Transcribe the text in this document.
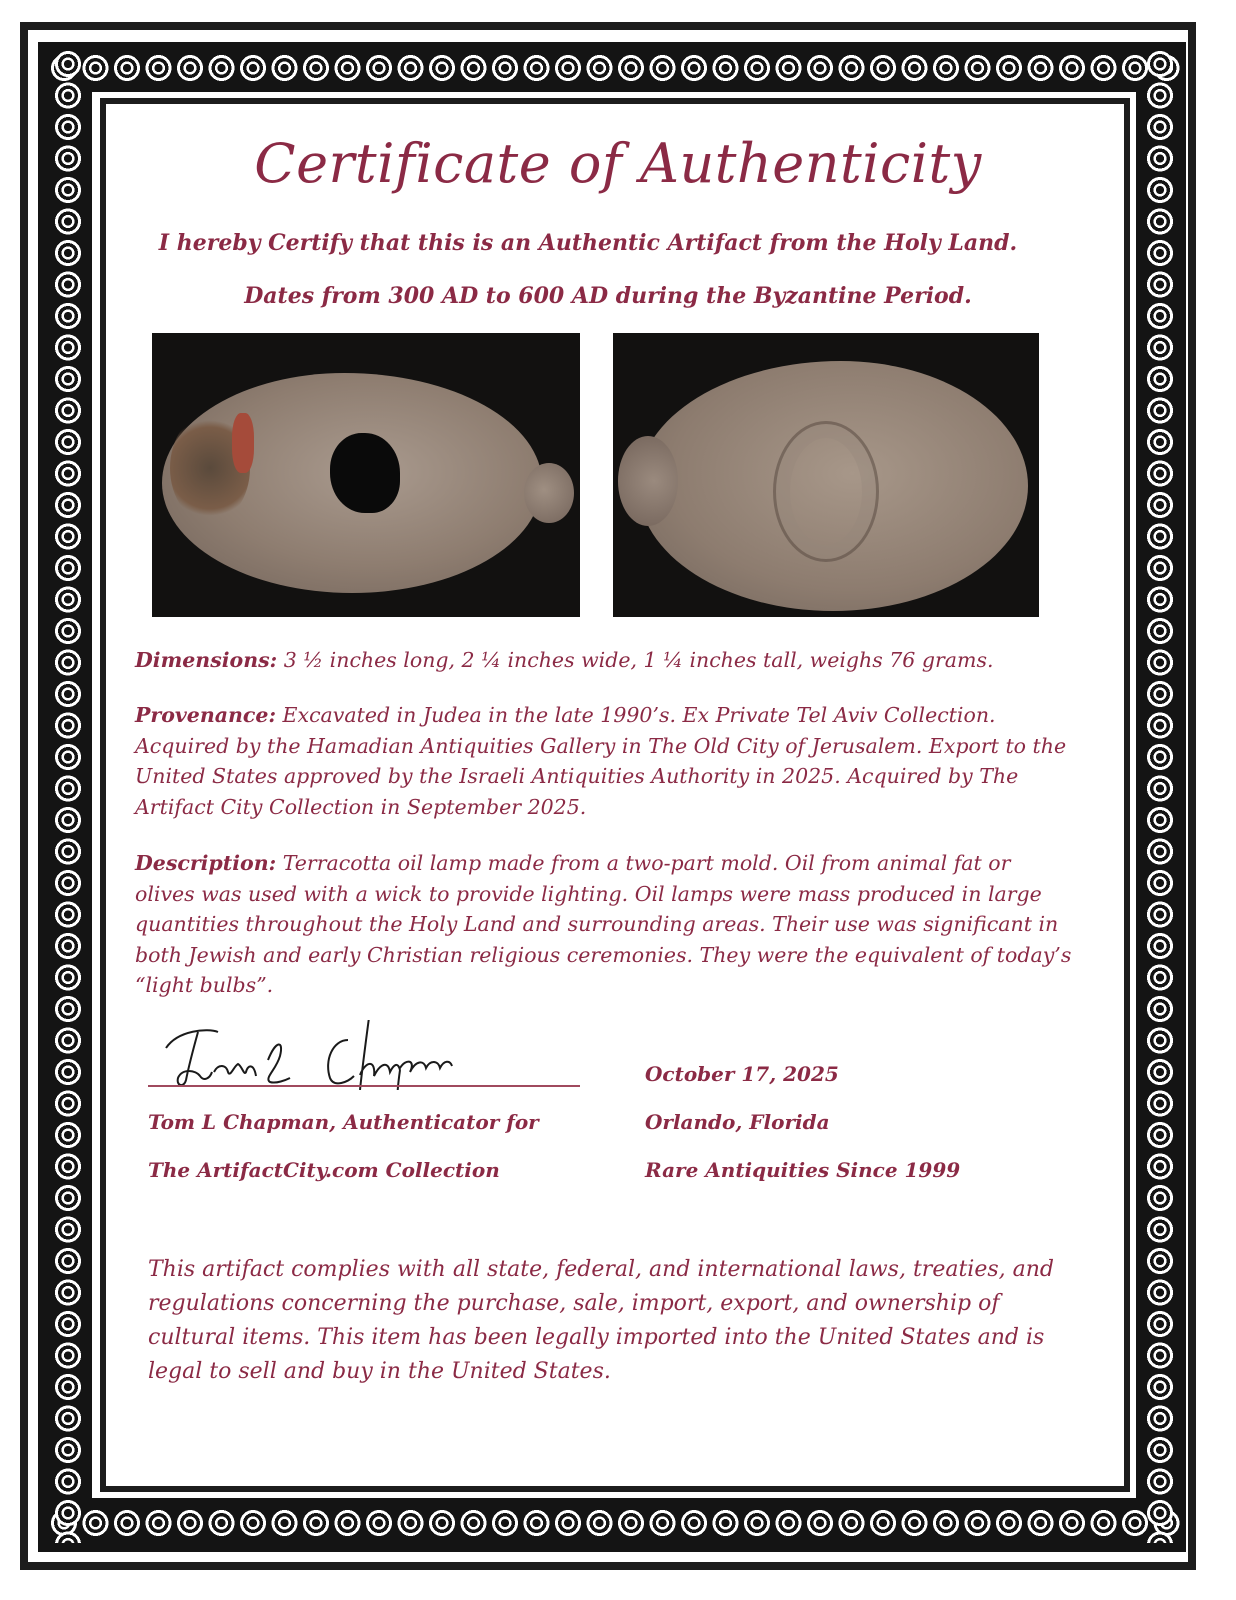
Certificate of Authenticity
I hereby Certify that this is an Authentic Artifact from the Holy Land.
Dates from 300 AD to 600 AD during the Byzantine Period.
Dimensions: 3 ½ inches long, 2 ¼ inches wide, 1 ¼ inches tall, weighs 76 grams.
Provenance: Excavated in Judea in the late 1990’s. Ex Private Tel Aviv Collection. Acquired by the Hamadian Antiquities Gallery in The Old City of Jerusalem. Export to the United States approved by the Israeli Antiquities Authority in 2025. Acquired by The Artifact City Collection in September 2025.
Description: Terracotta oil lamp made from a two-part mold. Oil from animal fat or olives was used with a wick to provide lighting. Oil lamps were mass produced in large quantities throughout the Holy Land and surrounding areas. Their use was significant in both Jewish and early Christian religious ceremonies. They were the equivalent of today’s “light bulbs”.
Tom L Chapman, Authenticator for
The ArtifactCity.com Collection
October 17, 2025
Orlando, Florida
Rare Antiquities Since 1999
This artifact complies with all state, federal, and international laws, treaties, and regulations concerning the purchase, sale, import, export, and ownership of cultural items. This item has been legally imported into the United States and is legal to sell and buy in the United States.
